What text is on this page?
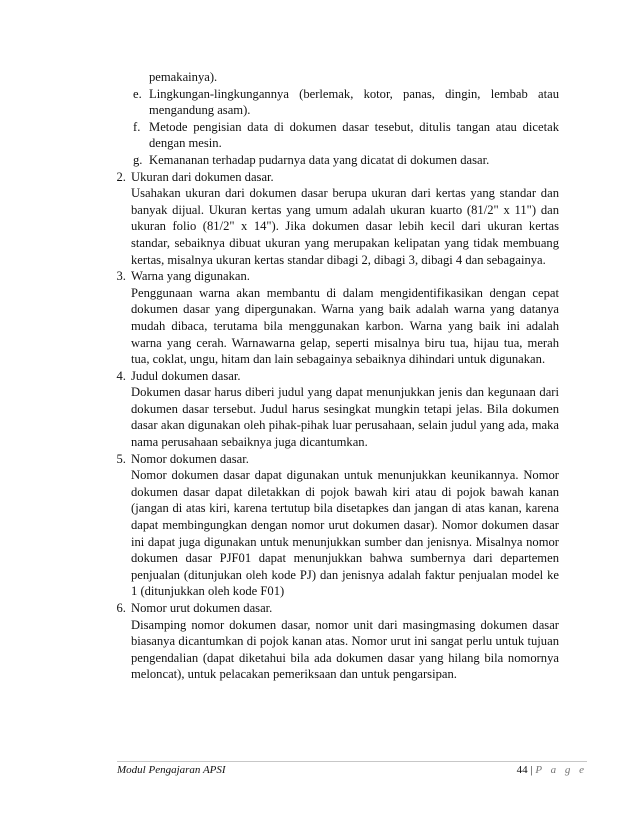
pemakainya).

e. Lingkungan-lingkungannya (berlemak, kotor, panas, dingin, lembab atau mengandung asam).

f. Metode pengisian data di dokumen dasar tesebut, ditulis tangan atau dicetak dengan mesin.

g. Kemananan terhadap pudarnya data yang dicatat di dokumen dasar.

2. Ukuran dari dokumen dasar.

Usahakan ukuran dari dokumen dasar berupa ukuran dari kertas yang standar dan banyak dijual. Ukuran kertas yang umum adalah ukuran kuarto (81/2" x 11") dan ukuran folio (81/2" x 14"). Jika dokumen dasar lebih kecil dari ukuran kertas standar, sebaiknya dibuat ukuran yang merupakan kelipatan yang tidak membuang kertas, misalnya ukuran kertas standar dibagi 2, dibagi 3, dibagi 4 dan sebagainya.

3. Warna yang digunakan.

Penggunaan warna akan membantu di dalam mengidentifikasikan dengan cepat dokumen dasar yang dipergunakan. Warna yang baik adalah warna yang datanya mudah dibaca, terutama bila menggunakan karbon. Warna yang baik ini adalah warna yang cerah. Warnawarna gelap, seperti misalnya biru tua, hijau tua, merah tua, coklat, ungu, hitam dan lain sebagainya sebaiknya dihindari untuk digunakan.

4. Judul dokumen dasar.

Dokumen dasar harus diberi judul yang dapat menunjukkan jenis dan kegunaan dari dokumen dasar tersebut. Judul harus sesingkat mungkin tetapi jelas. Bila dokumen dasar akan digunakan oleh pihak-pihak luar perusahaan, selain judul yang ada, maka nama perusahaan sebaiknya juga dicantumkan.

5. Nomor dokumen dasar.

Nomor dokumen dasar dapat digunakan untuk menunjukkan keunikannya. Nomor dokumen dasar dapat diletakkan di pojok bawah kiri atau di pojok bawah kanan (jangan di atas kiri, karena tertutup bila disetapkes dan jangan di atas kanan, karena dapat membingungkan dengan nomor urut dokumen dasar). Nomor dokumen dasar ini dapat juga digunakan untuk menunjukkan sumber dan jenisnya. Misalnya nomor dokumen dasar PJF01 dapat menunjukkan bahwa sumbernya dari departemen penjualan (ditunjukan oleh kode PJ) dan jenisnya adalah faktur penjualan model ke 1 (ditunjukkan oleh kode F01)

6. Nomor urut dokumen dasar.

Disamping nomor dokumen dasar, nomor unit dari masingmasing dokumen dasar biasanya dicantumkan di pojok kanan atas. Nomor urut ini sangat perlu untuk tujuan pengendalian (dapat diketahui bila ada dokumen dasar yang hilang bila nomornya meloncat), untuk pelacakan pemeriksaan dan untuk pengarsipan.

Modul Pengajaran APSI	44 | P a g e
